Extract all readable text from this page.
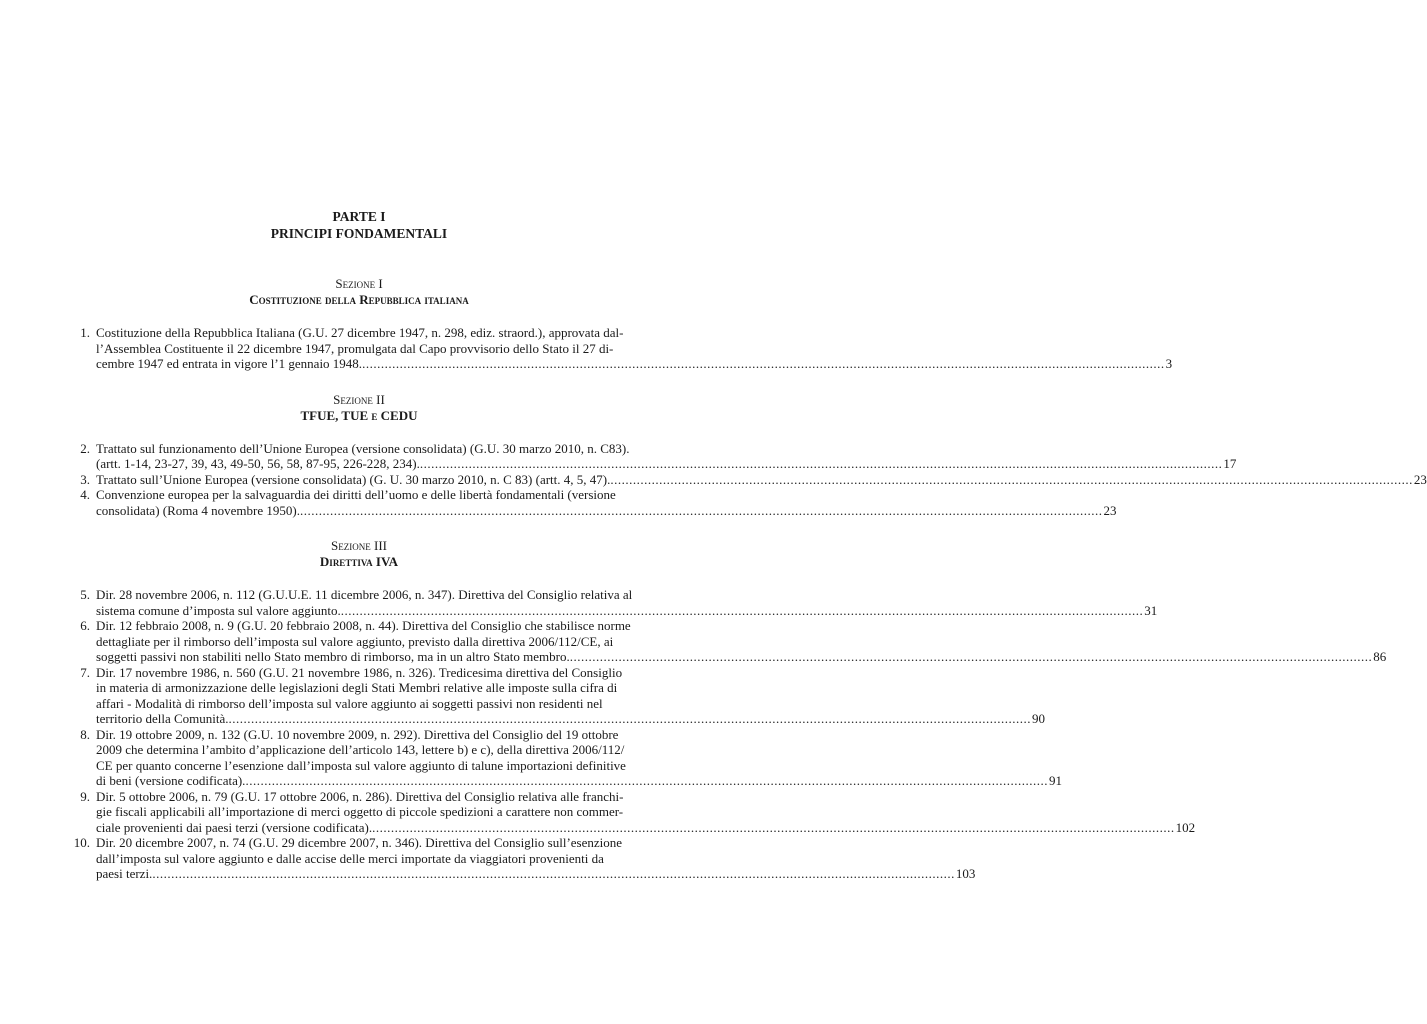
PARTE I
PRINCIPI FONDAMENTALI
Sezione I
Costituzione della Repubblica italiana
1. Costituzione della Repubblica Italiana (G.U. 27 dicembre 1947, n. 298, ediz. straord.), approvata dal-
l’Assemblea Costituente il 22 dicembre 1947, promulgata dal Capo provvisorio dello Stato il 27 di-
cembre 1947 ed entrata in vigore l’1 gennaio 1948. .....	3
Sezione II
TFUE, TUE e CEDU
2. Trattato sul funzionamento dell’Unione Europea (versione consolidata) (G.U. 30 marzo 2010, n. C83).
(artt. 1-14, 23-27, 39, 43, 49-50, 56, 58, 87-95, 226-228, 234). .....	17
3. Trattato sull’Unione Europea (versione consolidata) (G. U. 30 marzo 2010, n. C 83) (artt. 4, 5, 47). .....	23
4. Convenzione europea per la salvaguardia dei diritti dell’uomo e delle libertà fondamentali (versione
consolidata) (Roma 4 novembre 1950). .....	23
Sezione III
Direttiva IVA
5. Dir. 28 novembre 2006, n. 112 (G.U.U.E. 11 dicembre 2006, n. 347). Direttiva del Consiglio relativa al
sistema comune d’imposta sul valore aggiunto. .....	31
6. Dir. 12 febbraio 2008, n. 9 (G.U. 20 febbraio 2008, n. 44). Direttiva del Consiglio che stabilisce norme
dettagliate per il rimborso dell’imposta sul valore aggiunto, previsto dalla direttiva 2006/112/CE, ai
soggetti passivi non stabiliti nello Stato membro di rimborso, ma in un altro Stato membro. .....	86
7. Dir. 17 novembre 1986, n. 560 (G.U. 21 novembre 1986, n. 326). Tredicesima direttiva del Consiglio
in materia di armonizzazione delle legislazioni degli Stati Membri relative alle imposte sulla cifra di
affari - Modalità di rimborso dell’imposta sul valore aggiunto ai soggetti passivi non residenti nel
territorio della Comunità. .....	90
8. Dir. 19 ottobre 2009, n. 132 (G.U. 10 novembre 2009, n. 292). Direttiva del Consiglio del 19 ottobre
2009 che determina l’ambito d’applicazione dell’articolo 143, lettere b) e c), della direttiva 2006/112/
CE per quanto concerne l’esenzione dall’imposta sul valore aggiunto di talune importazioni definitive
di beni (versione codificata). .....	91
9. Dir. 5 ottobre 2006, n. 79 (G.U. 17 ottobre 2006, n. 286). Direttiva del Consiglio relativa alle franchi-
gie fiscali applicabili all’importazione di merci oggetto di piccole spedizioni a carattere non commer-
ciale provenienti dai paesi terzi (versione codificata). .....	102
10. Dir. 20 dicembre 2007, n. 74 (G.U. 29 dicembre 2007, n. 346). Direttiva del Consiglio sull’esenzione
dall’imposta sul valore aggiunto e dalle accise delle merci importate da viaggiatori provenienti da
paesi terzi. .....	103
